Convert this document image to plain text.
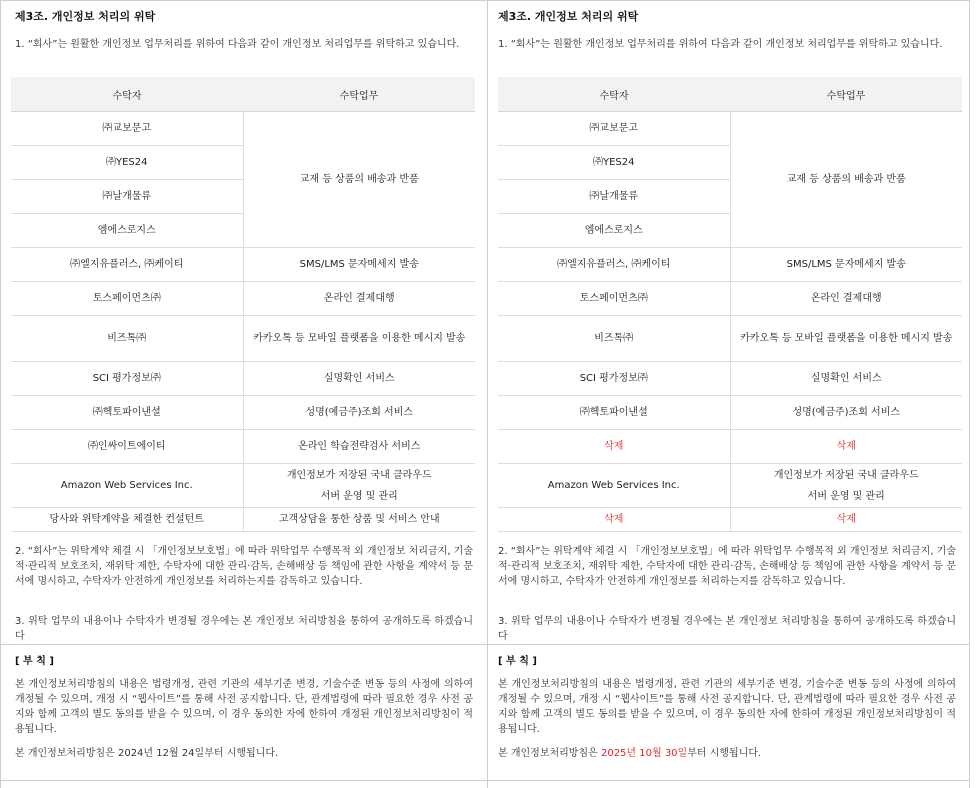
제3조. 개인정보 처리의 위탁

1. “회사”는 원활한 개인정보 업무처리를 위하여 다음과 같이 개인정보 처리업무를 위탁하고 있습니다.

수탁자	수탁업무
㈜교보문고	교재 등 상품의 배송과 반품
㈜YES24	
㈜날개물류	
엠에스로지스	
㈜엘지유플러스, ㈜케이티	SMS/LMS 문자메세지 발송
토스페이먼츠㈜	온라인 결제대행
비즈톡㈜	카카오톡 등 모바일 플랫폼을 이용한 메시지 발송
SCI 평가정보㈜	실명확인 서비스
㈜헥토파이낸셜	성명(예금주)조회 서비스
㈜인싸이트에이티	온라인 학습전략검사 서비스
Amazon Web Services Inc.	개인정보가 저장된 국내 클라우드
서버 운영 및 관리

당사와 위탁계약을 체결한 컨설턴트	고객상담을 통한 상품 및 서비스 안내

2. “회사”는 위탁계약 체결 시 「개인정보보호법」에 따라 위탁업무 수행목적 외 개인정보 처리금지, 기술적·관리적 보호조치, 재위탁 제한, 수탁자에 대한 관리·감독, 손해배상 등 책임에 관한 사항을 계약서 등 문서에 명시하고, 수탁자가 안전하게 개인정보를 처리하는지를 감독하고 있습니다.

3. 위탁 업무의 내용이나 수탁자가 변경될 경우에는 본 개인정보 처리방침을 통하여 공개하도록 하겠습니다

[ 부 칙 ]

본 개인정보처리방침의 내용은 법령개정, 관련 기관의 세부기준 변경, 기술수준 변동 등의 사정에 의하여 개정될 수 있으며, 개정 시 “웹사이트”를 통해 사전 공지합니다. 단, 관계법령에 따라 필요한 경우 사전 공지와 함께 고객의 별도 동의를 받을 수 있으며, 이 경우 동의한 자에 한하여 개정된 개인정보처리방침이 적용됩니다.

본 개인정보처리방침은 2024년 12월 24일부터 시행됩니다.

제3조. 개인정보 처리의 위탁

1. “회사”는 원활한 개인정보 업무처리를 위하여 다음과 같이 개인정보 처리업무를 위탁하고 있습니다.

수탁자	수탁업무
㈜교보문고	교재 등 상품의 배송과 반품
㈜YES24	
㈜날개물류	
엠에스로지스	
㈜엘지유플러스, ㈜케이티	SMS/LMS 문자메세지 발송
토스페이먼츠㈜	온라인 결제대행
비즈톡㈜	카카오톡 등 모바일 플랫폼을 이용한 메시지 발송
SCI 평가정보㈜	실명확인 서비스
㈜헥토파이낸셜	성명(예금주)조회 서비스
삭제	삭제
Amazon Web Services Inc.	개인정보가 저장된 국내 클라우드
서버 운영 및 관리

삭제	삭제

2. “회사”는 위탁계약 체결 시 「개인정보보호법」에 따라 위탁업무 수행목적 외 개인정보 처리금지, 기술적·관리적 보호조치, 재위탁 제한, 수탁자에 대한 관리·감독, 손해배상 등 책임에 관한 사항을 계약서 등 문서에 명시하고, 수탁자가 안전하게 개인정보를 처리하는지를 감독하고 있습니다.

3. 위탁 업무의 내용이나 수탁자가 변경될 경우에는 본 개인정보 처리방침을 통하여 공개하도록 하겠습니다

[ 부 칙 ]

본 개인정보처리방침의 내용은 법령개정, 관련 기관의 세부기준 변경, 기술수준 변동 등의 사정에 의하여 개정될 수 있으며, 개정 시 “웹사이트”를 통해 사전 공지합니다. 단, 관계법령에 따라 필요한 경우 사전 공지와 함께 고객의 별도 동의를 받을 수 있으며, 이 경우 동의한 자에 한하여 개정된 개인정보처리방침이 적용됩니다.

본 개인정보처리방침은 2025년 10월 30일부터 시행됩니다.
